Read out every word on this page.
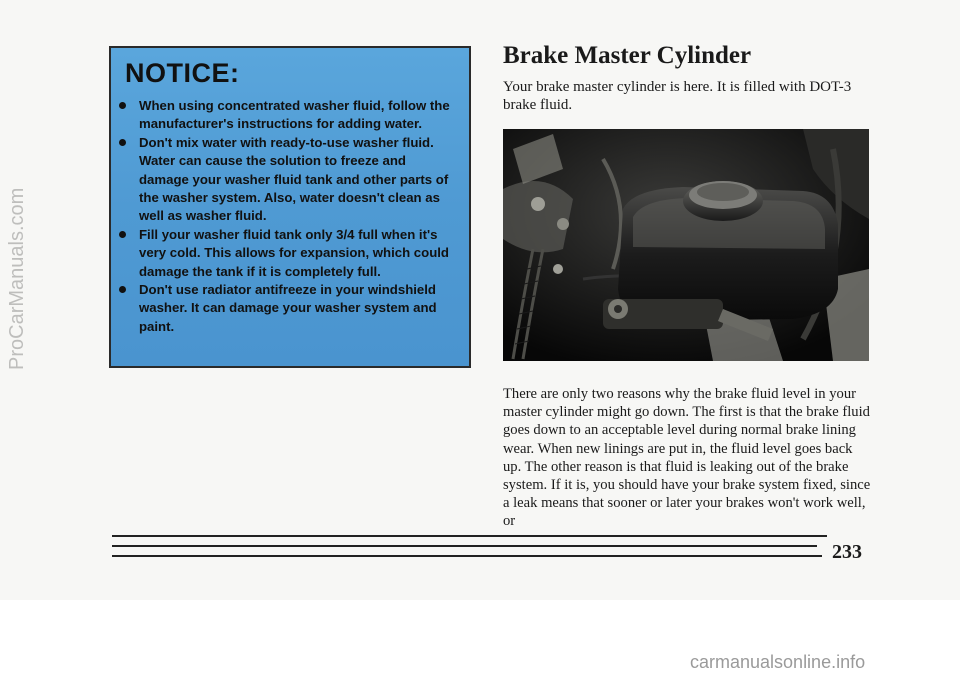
NOTICE:
When using concentrated washer fluid, follow the manufacturer's instructions for adding water.
Don't mix water with ready-to-use washer fluid. Water can cause the solution to freeze and damage your washer fluid tank and other parts of the washer system. Also, water doesn't clean as well as washer fluid.
Fill your washer fluid tank only 3/4 full when it's very cold. This allows for expansion, which could damage the tank if it is completely full.
Don't use radiator antifreeze in your windshield washer. It can damage your washer system and paint.
Brake Master Cylinder
Your brake master cylinder is here. It is filled with DOT-3 brake fluid.
There are only two reasons why the brake fluid level in your master cylinder might go down. The first is that the brake fluid goes down to an acceptable level during normal brake lining wear. When new linings are put in, the fluid level goes back up. The other reason is that fluid is leaking out of the brake system. If it is, you should have your brake system fixed, since a leak means that sooner or later your brakes won't work well, or
233
ProCarManuals.com
carmanualsonline.info
